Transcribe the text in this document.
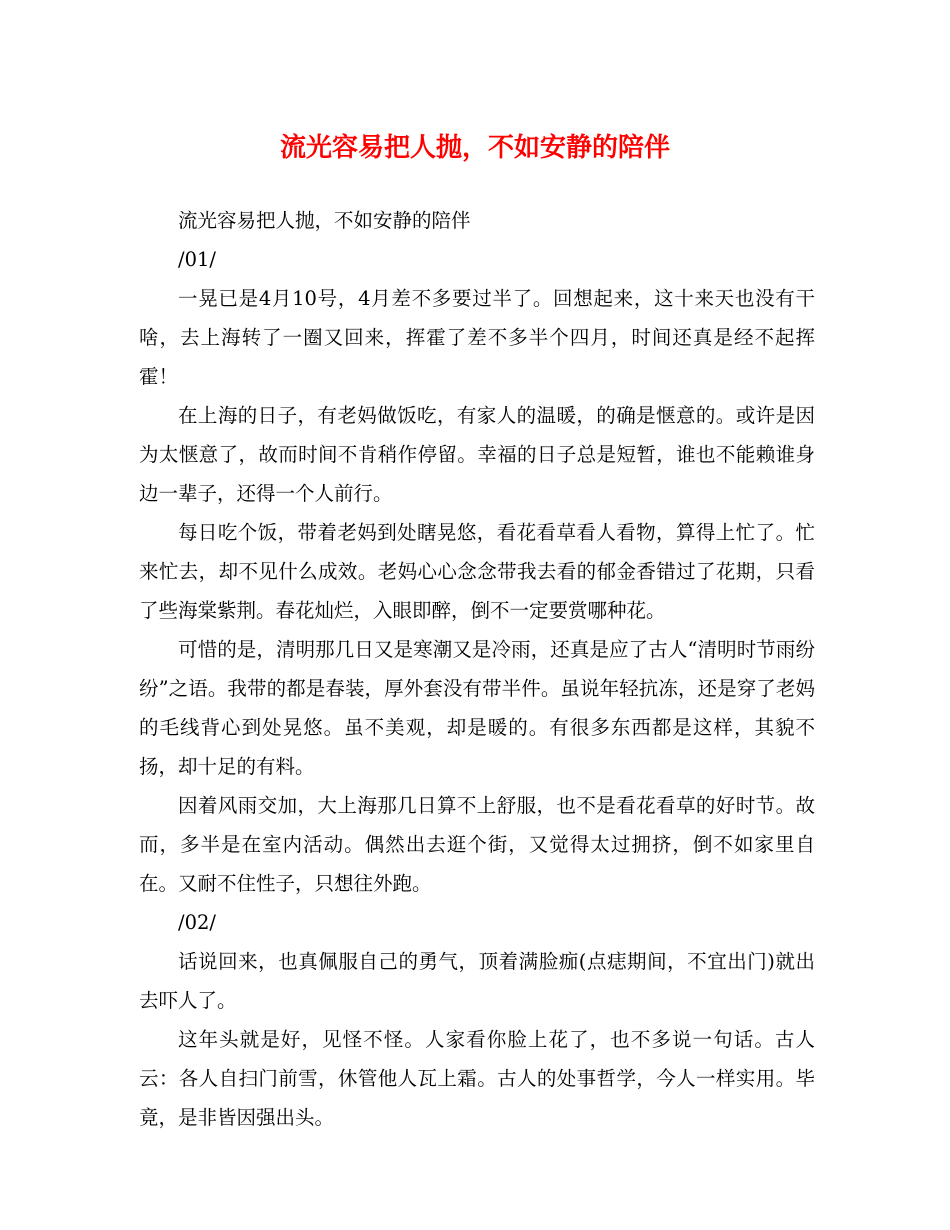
流光容易把人抛，不如安静的陪伴

流光容易把人抛，不如安静的陪伴

/01/

一晃已是4月10号，4月差不多要过半了。回想起来，这十来天也没有干啥，去上海转了一圈又回来，挥霍了差不多半个四月，时间还真是经不起挥霍！

在上海的日子，有老妈做饭吃，有家人的温暖，的确是惬意的。或许是因为太惬意了，故而时间不肯稍作停留。幸福的日子总是短暂，谁也不能赖谁身边一辈子，还得一个人前行。

每日吃个饭，带着老妈到处瞎晃悠，看花看草看人看物，算得上忙了。忙来忙去，却不见什么成效。老妈心心念念带我去看的郁金香错过了花期，只看了些海棠紫荆。春花灿烂，入眼即醉，倒不一定要赏哪种花。

可惜的是，清明那几日又是寒潮又是冷雨，还真是应了古人“清明时节雨纷纷”之语。我带的都是春装，厚外套没有带半件。虽说年轻抗冻，还是穿了老妈的毛线背心到处晃悠。虽不美观，却是暖的。有很多东西都是这样，其貌不扬，却十足的有料。

因着风雨交加，大上海那几日算不上舒服，也不是看花看草的好时节。故而，多半是在室内活动。偶然出去逛个街，又觉得太过拥挤，倒不如家里自在。又耐不住性子，只想往外跑。

/02/

话说回来，也真佩服自己的勇气，顶着满脸痂(点痣期间，不宜出门)就出去吓人了。

这年头就是好，见怪不怪。人家看你脸上花了，也不多说一句话。古人云：各人自扫门前雪，休管他人瓦上霜。古人的处事哲学，今人一样实用。毕竟，是非皆因强出头。
